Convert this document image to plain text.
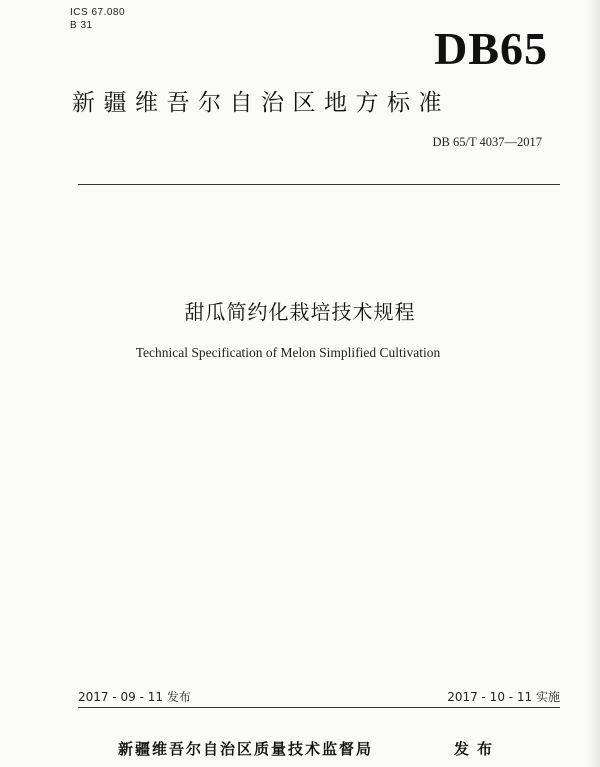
ICS 67.080
B 31	DB65
新疆维吾尔自治区地方标准
DB 65/T 4037—2017
甜瓜简约化栽培技术规程
Technical Specification of Melon Simplified Cultivation
2017 - 09 - 11 发布	2017 - 10 - 11 实施
新疆维吾尔自治区质量技术监督局	发布
